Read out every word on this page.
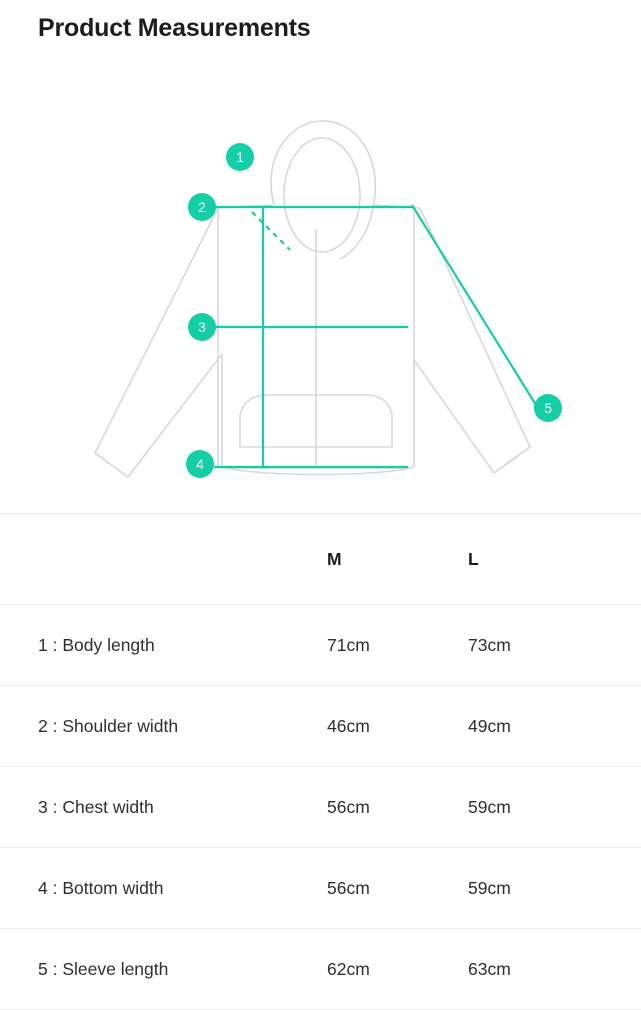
Product Measurements
1
2
3
4
5
M	L
1 : Body length	71cm	73cm
2 : Shoulder width	46cm	49cm
3 : Chest width	56cm	59cm
4 : Bottom width	56cm	59cm
5 : Sleeve length	62cm	63cm
